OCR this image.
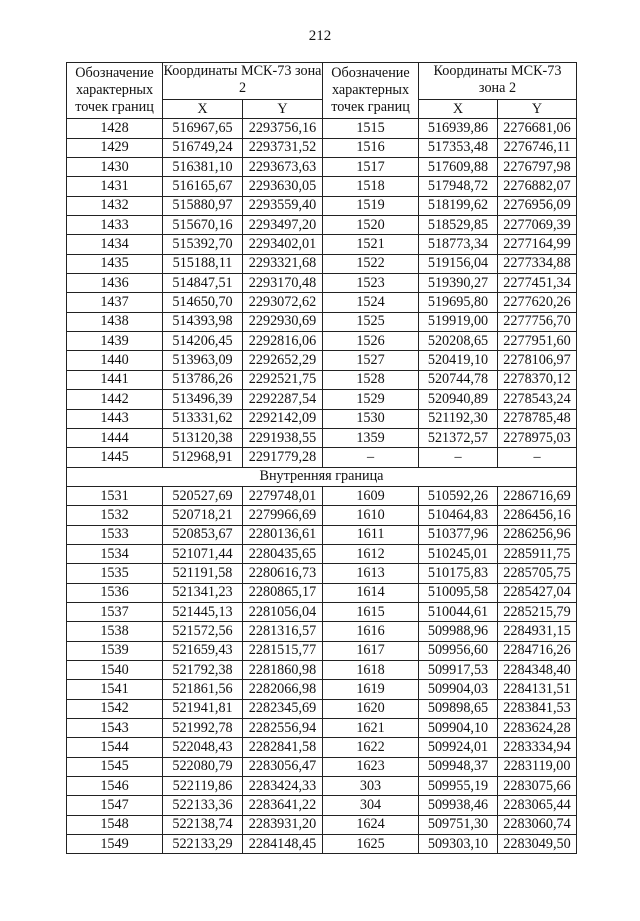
212
Обозначение характерных точек границ	Координаты МСК-73 зона 2		Обозначение характерных точек границ	Координаты МСК-73 зона 2	
	X	Y		X	Y
1428	516967,65	2293756,16	1515	516939,86	2276681,06
1429	516749,24	2293731,52	1516	517353,48	2276746,11
1430	516381,10	2293673,63	1517	517609,88	2276797,98
1431	516165,67	2293630,05	1518	517948,72	2276882,07
1432	515880,97	2293559,40	1519	518199,62	2276956,09
1433	515670,16	2293497,20	1520	518529,85	2277069,39
1434	515392,70	2293402,01	1521	518773,34	2277164,99
1435	515188,11	2293321,68	1522	519156,04	2277334,88
1436	514847,51	2293170,48	1523	519390,27	2277451,34
1437	514650,70	2293072,62	1524	519695,80	2277620,26
1438	514393,98	2292930,69	1525	519919,00	2277756,70
1439	514206,45	2292816,06	1526	520208,65	2277951,60
1440	513963,09	2292652,29	1527	520419,10	2278106,97
1441	513786,26	2292521,75	1528	520744,78	2278370,12
1442	513496,39	2292287,54	1529	520940,89	2278543,24
1443	513331,62	2292142,09	1530	521192,30	2278785,48
1444	513120,38	2291938,55	1359	521372,57	2278975,03
1445	512968,91	2291779,28	–	–	–
Внутренняя граница					
1531	520527,69	2279748,01	1609	510592,26	2286716,69
1532	520718,21	2279966,69	1610	510464,83	2286456,16
1533	520853,67	2280136,61	1611	510377,96	2286256,96
1534	521071,44	2280435,65	1612	510245,01	2285911,75
1535	521191,58	2280616,73	1613	510175,83	2285705,75
1536	521341,23	2280865,17	1614	510095,58	2285427,04
1537	521445,13	2281056,04	1615	510044,61	2285215,79
1538	521572,56	2281316,57	1616	509988,96	2284931,15
1539	521659,43	2281515,77	1617	509956,60	2284716,26
1540	521792,38	2281860,98	1618	509917,53	2284348,40
1541	521861,56	2282066,98	1619	509904,03	2284131,51
1542	521941,81	2282345,69	1620	509898,65	2283841,53
1543	521992,78	2282556,94	1621	509904,10	2283624,28
1544	522048,43	2282841,58	1622	509924,01	2283334,94
1545	522080,79	2283056,47	1623	509948,37	2283119,00
1546	522119,86	2283424,33	303	509955,19	2283075,66
1547	522133,36	2283641,22	304	509938,46	2283065,44
1548	522138,74	2283931,20	1624	509751,30	2283060,74
1549	522133,29	2284148,45	1625	509303,10	2283049,50
